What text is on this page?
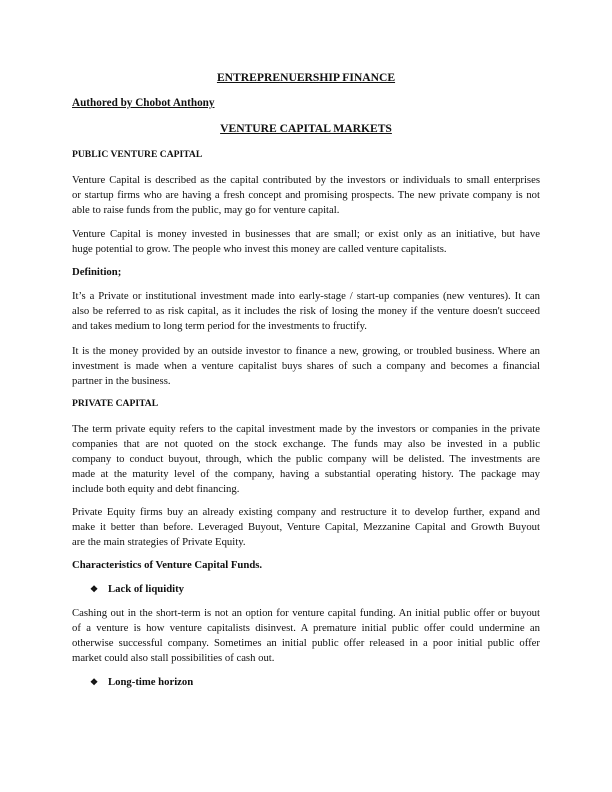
ENTREPRENUERSHIP FINANCE
Authored by Chobot Anthony
VENTURE CAPITAL MARKETS
PUBLIC VENTURE CAPITAL
Venture Capital is described as the capital contributed by the investors or individuals to small enterprises
or startup firms who are having a fresh concept and promising prospects. The new private company is not
able to raise funds from the public, may go for venture capital.
Venture Capital is money invested in businesses that are small; or exist only as an initiative, but have
huge potential to grow. The people who invest this money are called venture capitalists.
Definition;
It’s a Private or institutional investment made into early-stage / start-up companies (new ventures). It can
also be referred to as risk capital, as it includes the risk of losing the money if the venture doesn't succeed
and takes medium to long term period for the investments to fructify.
It is the money provided by an outside investor to finance a new, growing, or troubled business. Where an
investment is made when a venture capitalist buys shares of such a company and becomes a financial
partner in the business.
PRIVATE CAPITAL
The term private equity refers to the capital investment made by the investors or companies in the private
companies that are not quoted on the stock exchange. The funds may also be invested in a public
company to conduct buyout, through, which the public company will be delisted. The investments are
made at the maturity level of the company, having a substantial operating history. The package may
include both equity and debt financing.
Private Equity firms buy an already existing company and restructure it to develop further, expand and
make it better than before. Leveraged Buyout, Venture Capital, Mezzanine Capital and Growth Buyout
are the main strategies of Private Equity.
Characteristics of Venture Capital Funds.
❖ Lack of liquidity
Cashing out in the short-term is not an option for venture capital funding. An initial public offer or buyout
of a venture is how venture capitalists disinvest. A premature initial public offer could undermine an
otherwise successful company. Sometimes an initial public offer released in a poor initial public offer
market could also stall possibilities of cash out.
❖ Long-time horizon
